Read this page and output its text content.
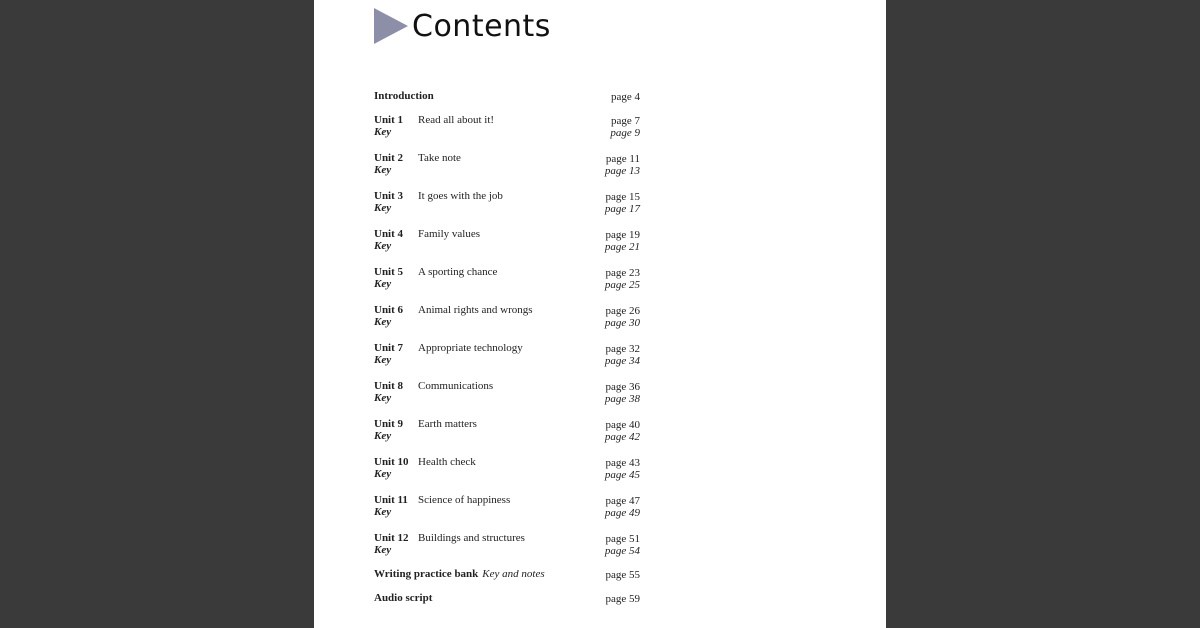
Contents
Introduction	page 4
Unit 1 Read all about it!	page 7
Key	page 9
Unit 2 Take note	page 11
Key	page 13
Unit 3 It goes with the job	page 15
Key	page 17
Unit 4 Family values	page 19
Key	page 21
Unit 5 A sporting chance	page 23
Key	page 25
Unit 6 Animal rights and wrongs	page 26
Key	page 30
Unit 7 Appropriate technology	page 32
Key	page 34
Unit 8 Communications	page 36
Key	page 38
Unit 9 Earth matters	page 40
Key	page 42
Unit 10 Health check	page 43
Key	page 45
Unit 11 Science of happiness	page 47
Key	page 49
Unit 12 Buildings and structures	page 51
Key	page 54
Writing practice bank Key and notes	page 55
Audio script	page 59
